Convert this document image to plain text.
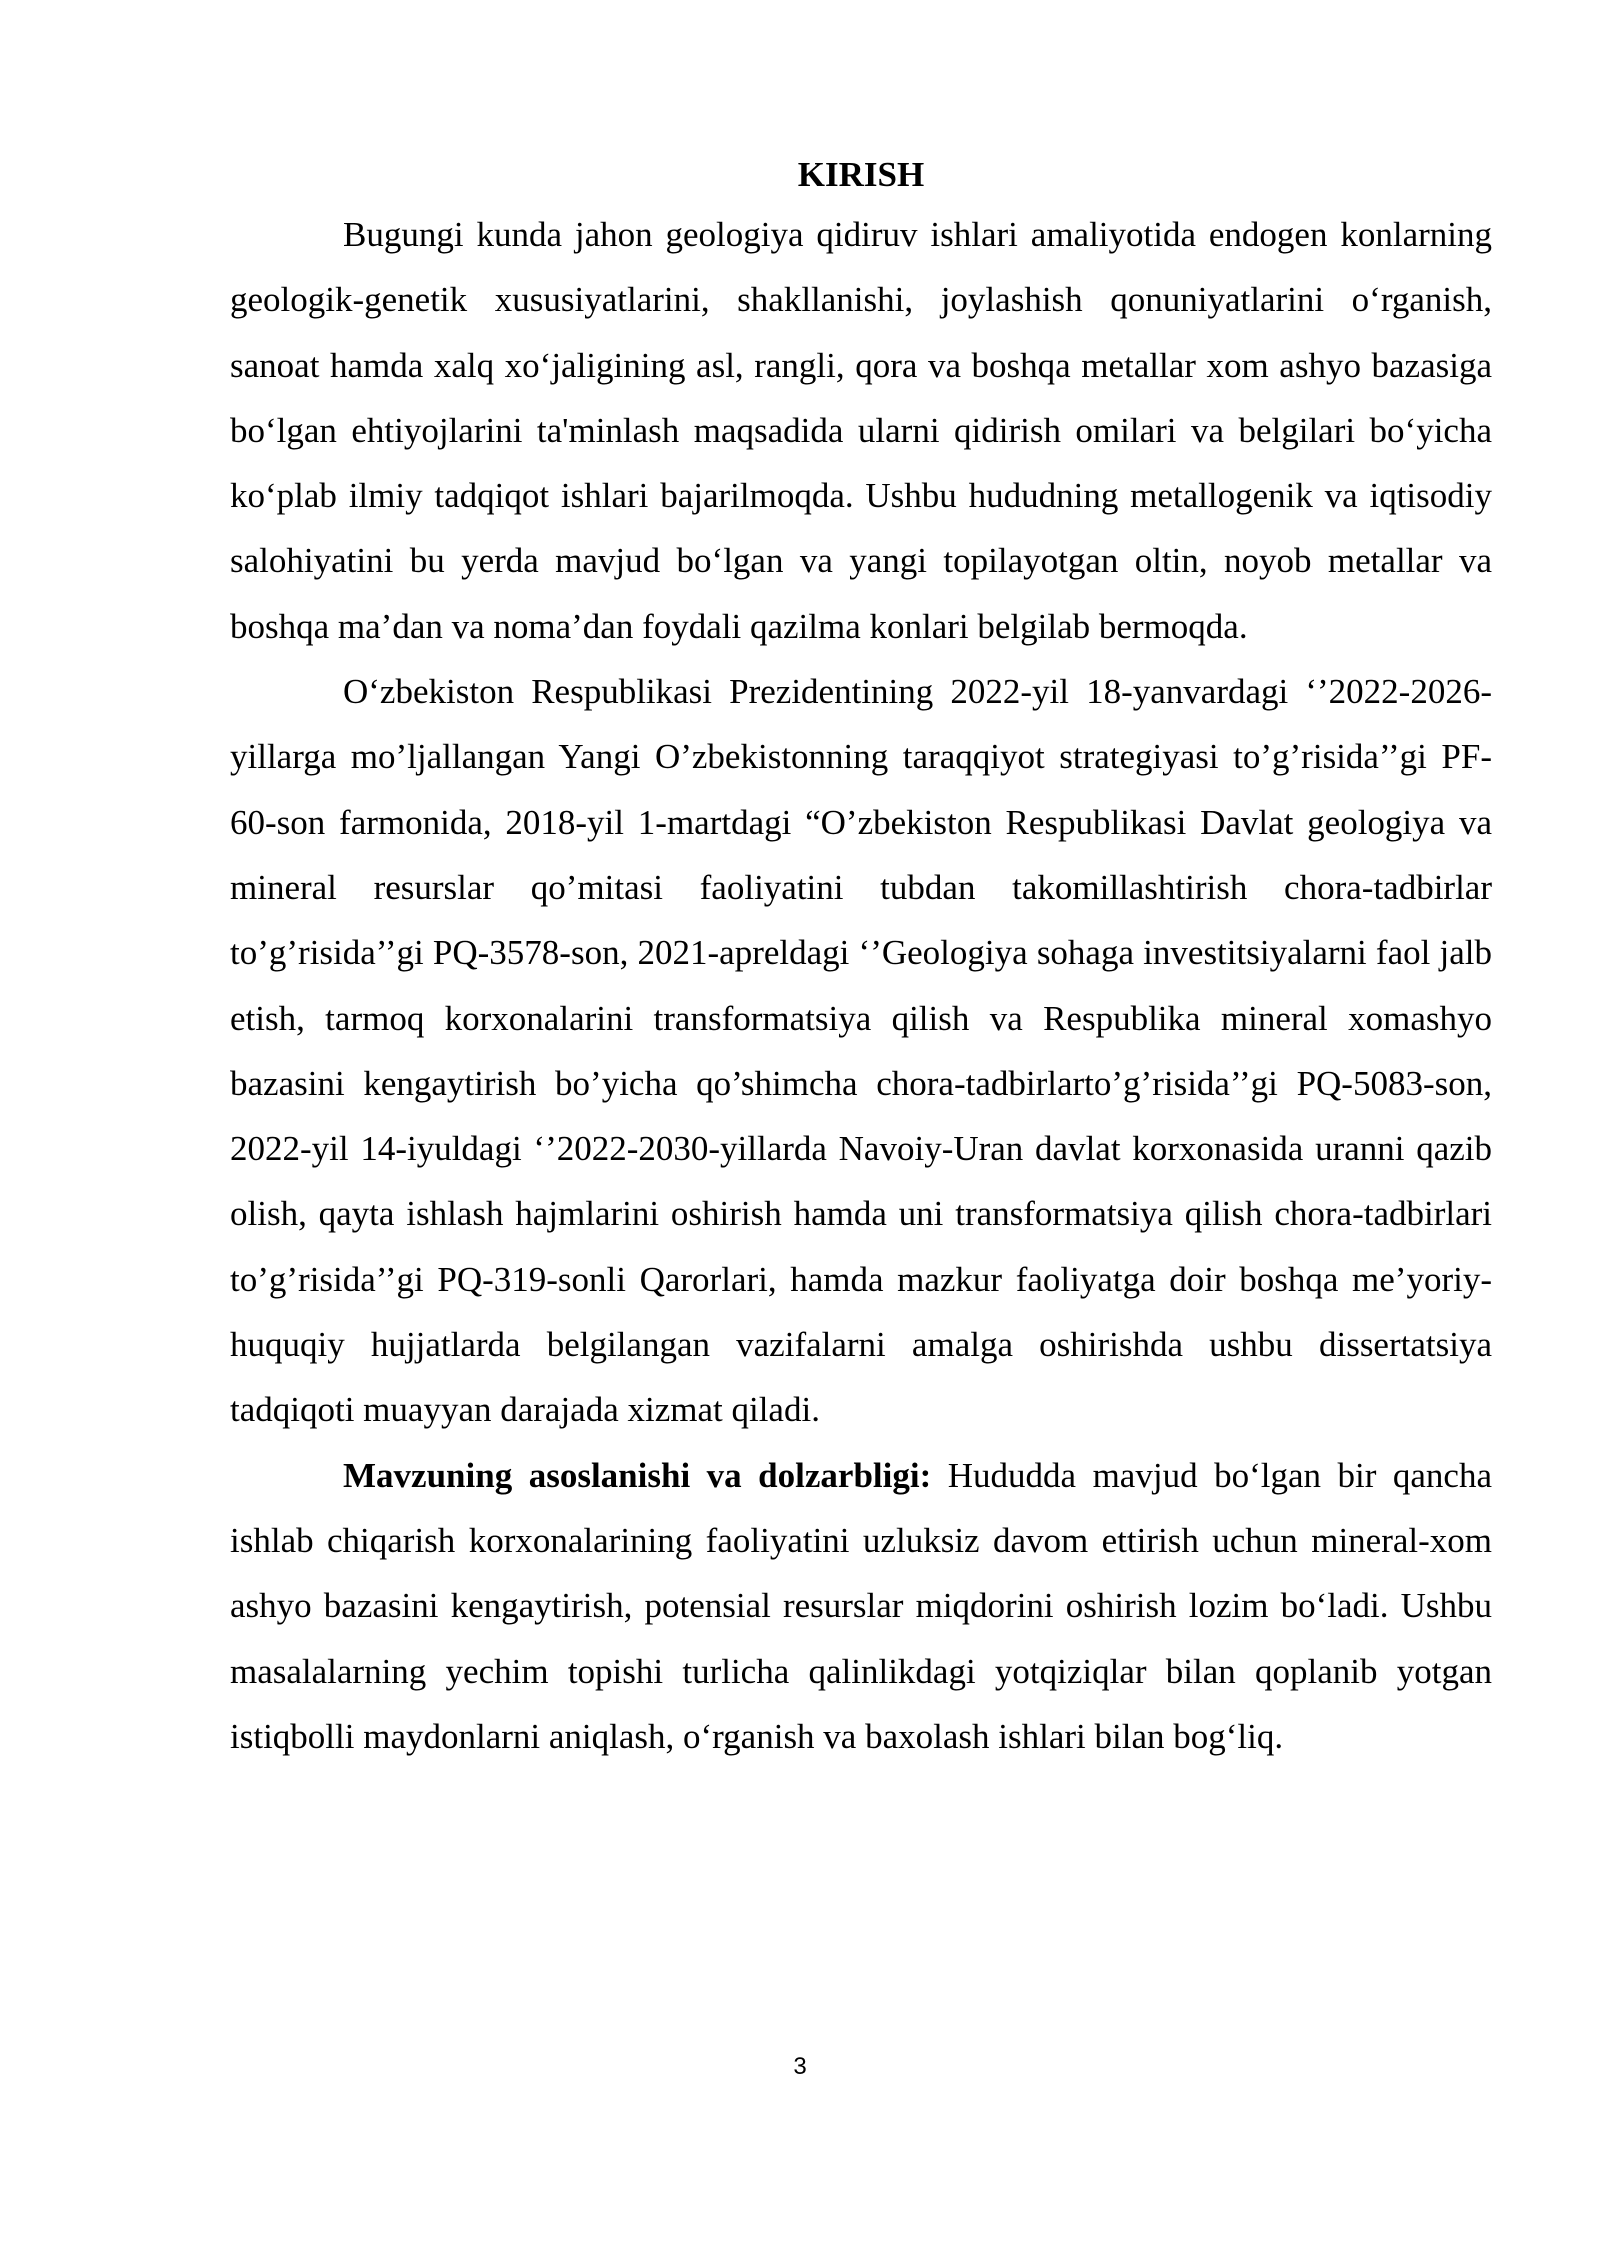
KIRISH

Bugungi kunda jahon geologiya qidiruv ishlari amaliyotida endogen konlarning geologik-genetik xususiyatlarini, shakllanishi, joylashish qonuniyatlarini o‘rganish, sanoat hamda xalq xo‘jaligining asl, rangli, qora va boshqa metallar xom ashyo bazasiga bo‘lgan ehtiyojlarini ta'minlash maqsadida ularni qidirish omilari va belgilari bo‘yicha ko‘plab ilmiy tadqiqot ishlari bajarilmoqda. Ushbu hududning metallogenik va iqtisodiy salohiyatini bu yerda mavjud bo‘lgan va yangi topilayotgan oltin, noyob metallar va boshqa ma’dan va noma’dan foydali qazilma konlari belgilab bermoqda.

O‘zbekiston Respublikasi Prezidentining 2022-yil 18-yanvardagi ‘’2022-2026-yillarga mo’ljallangan Yangi O’zbekistonning taraqqiyot strategiyasi to’g’risida’’gi PF-60-son farmonida, 2018-yil 1-martdagi “O’zbekiston Respublikasi Davlat geologiya va mineral resurslar qo’mitasi faoliyatini tubdan takomillashtirish chora-tadbirlar to’g’risida’’gi PQ-3578-son, 2021-apreldagi ‘’Geologiya sohaga investitsiyalarni faol jalb etish, tarmoq korxonalarini transformatsiya qilish va Respublika mineral xomashyo bazasini kengaytirish bo’yicha qo’shimcha chora-tadbirlarto’g’risida’’gi PQ-5083-son, 2022-yil 14-iyuldagi ‘’2022-2030-yillarda Navoiy-Uran davlat korxonasida uranni qazib olish, qayta ishlash hajmlarini oshirish hamda uni transformatsiya qilish chora-tadbirlari to’g’risida’’gi PQ-319-sonli Qarorlari, hamda mazkur faoliyatga doir boshqa me’yoriy-huquqiy hujjatlarda belgilangan vazifalarni amalga oshirishda ushbu dissertatsiya tadqiqoti muayyan darajada xizmat qiladi.

Mavzuning asoslanishi va dolzarbligi: Hududda mavjud bo‘lgan bir qancha ishlab chiqarish korxonalarining faoliyatini uzluksiz davom ettirish uchun mineral-xom ashyo bazasini kengaytirish, potensial resurslar miqdorini oshirish lozim bo‘ladi. Ushbu masalalarning yechim topishi turlicha qalinlikdagi yotqiziqlar bilan qoplanib yotgan istiqbolli maydonlarni aniqlash, o‘rganish va baxolash ishlari bilan bog‘liq.

3
